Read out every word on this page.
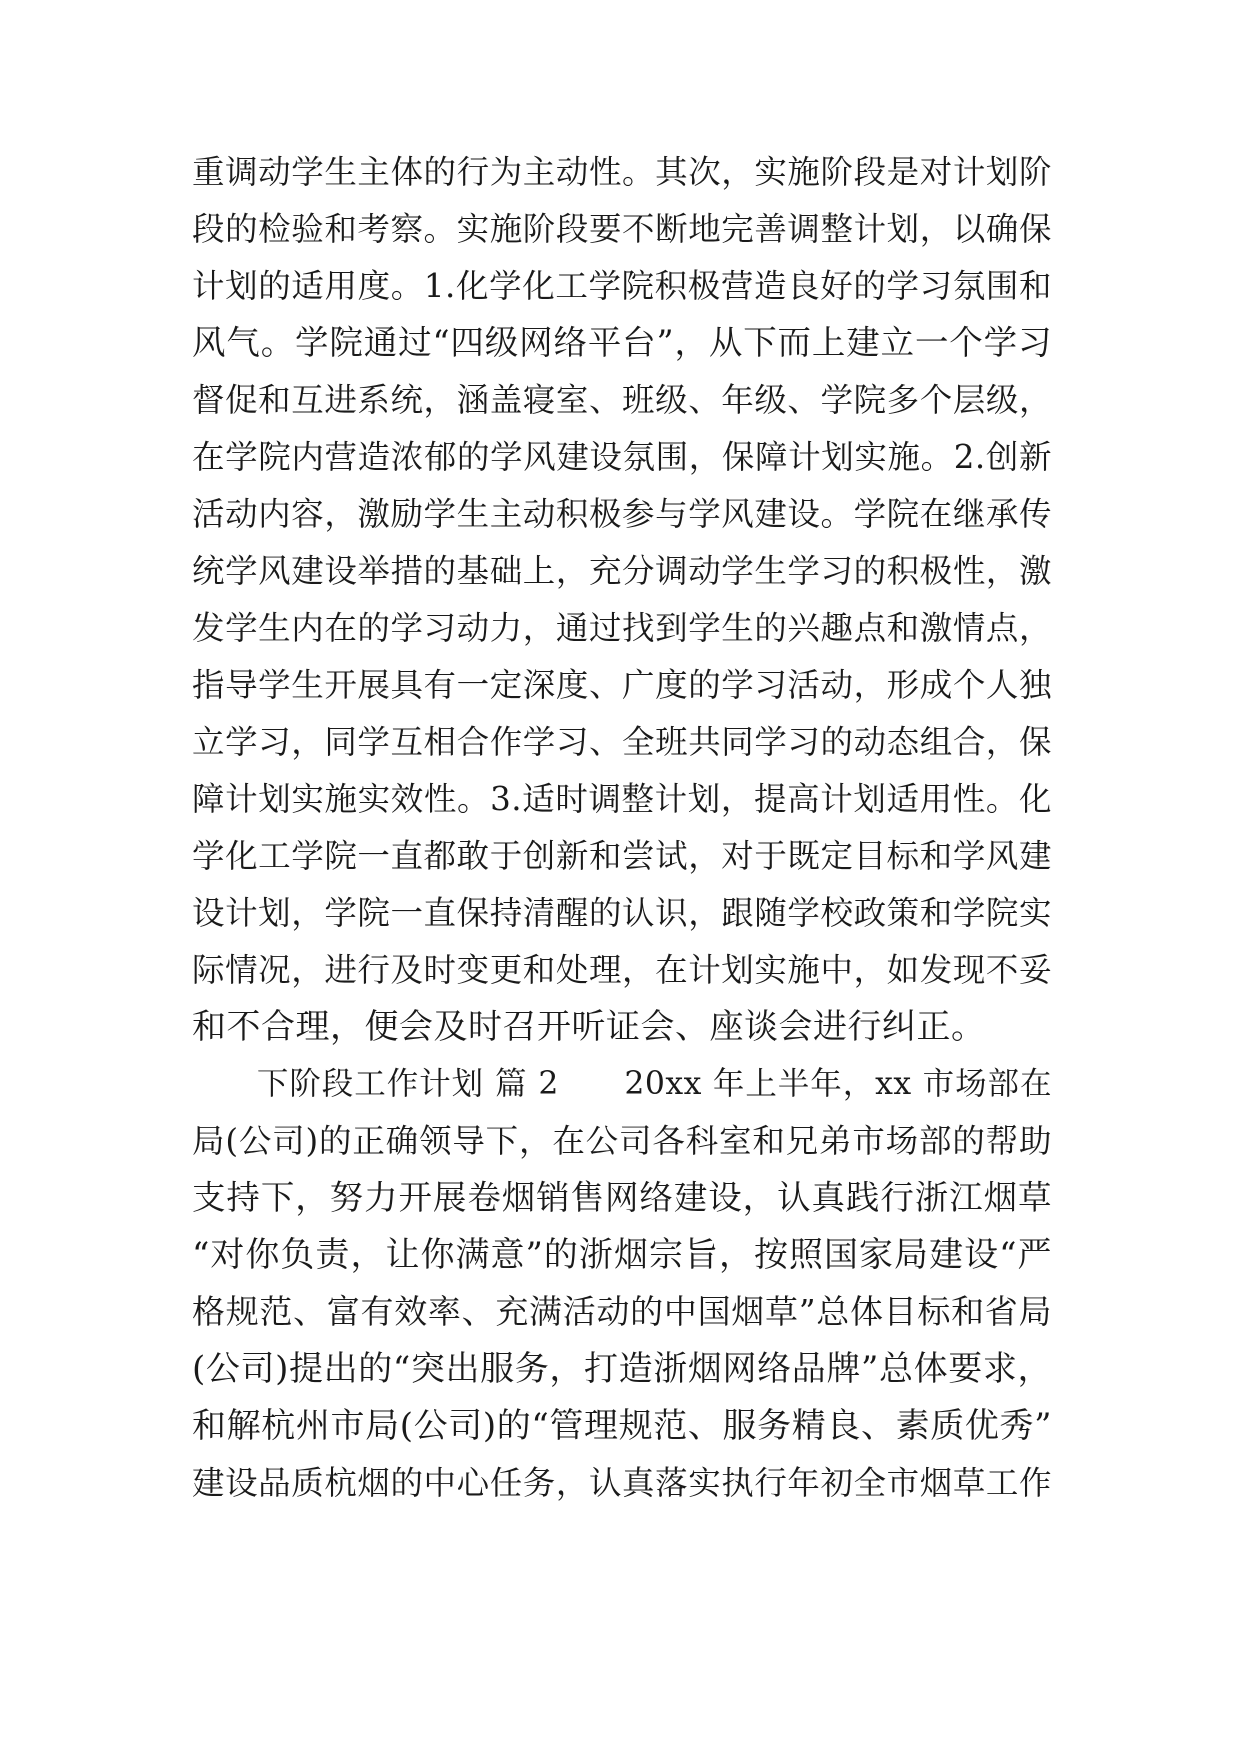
重调动学生主体的行为主动性。其次，实施阶段是对计划阶
段的检验和考察。实施阶段要不断地完善调整计划，以确保
计划的适用度。1.化学化工学院积极营造良好的学习氛围和
风气。学院通过“四级网络平台”，从下而上建立一个学习
督促和互进系统，涵盖寝室、班级、年级、学院多个层级，
在学院内营造浓郁的学风建设氛围，保障计划实施。2.创新
活动内容，激励学生主动积极参与学风建设。学院在继承传
统学风建设举措的基础上，充分调动学生学习的积极性，激
发学生内在的学习动力，通过找到学生的兴趣点和激情点，
指导学生开展具有一定深度、广度的学习活动，形成个人独
立学习，同学互相合作学习、全班共同学习的动态组合，保
障计划实施实效性。3.适时调整计划，提高计划适用性。化
学化工学院一直都敢于创新和尝试，对于既定目标和学风建
设计划，学院一直保持清醒的认识，跟随学校政策和学院实
际情况，进行及时变更和处理，在计划实施中，如发现不妥
和不合理，便会及时召开听证会、座谈会进行纠正。
　　下阶段工作计划 篇 2　　20xx 年上半年，xx 市场部在
局(公司)的正确领导下，在公司各科室和兄弟市场部的帮助
支持下，努力开展卷烟销售网络建设，认真践行浙江烟草
“对你负责，让你满意”的浙烟宗旨，按照国家局建设“严
格规范、富有效率、充满活动的中国烟草”总体目标和省局
(公司)提出的“突出服务，打造浙烟网络品牌”总体要求，
和解杭州市局(公司)的“管理规范、服务精良、素质优秀”
建设品质杭烟的中心任务，认真落实执行年初全市烟草工作
